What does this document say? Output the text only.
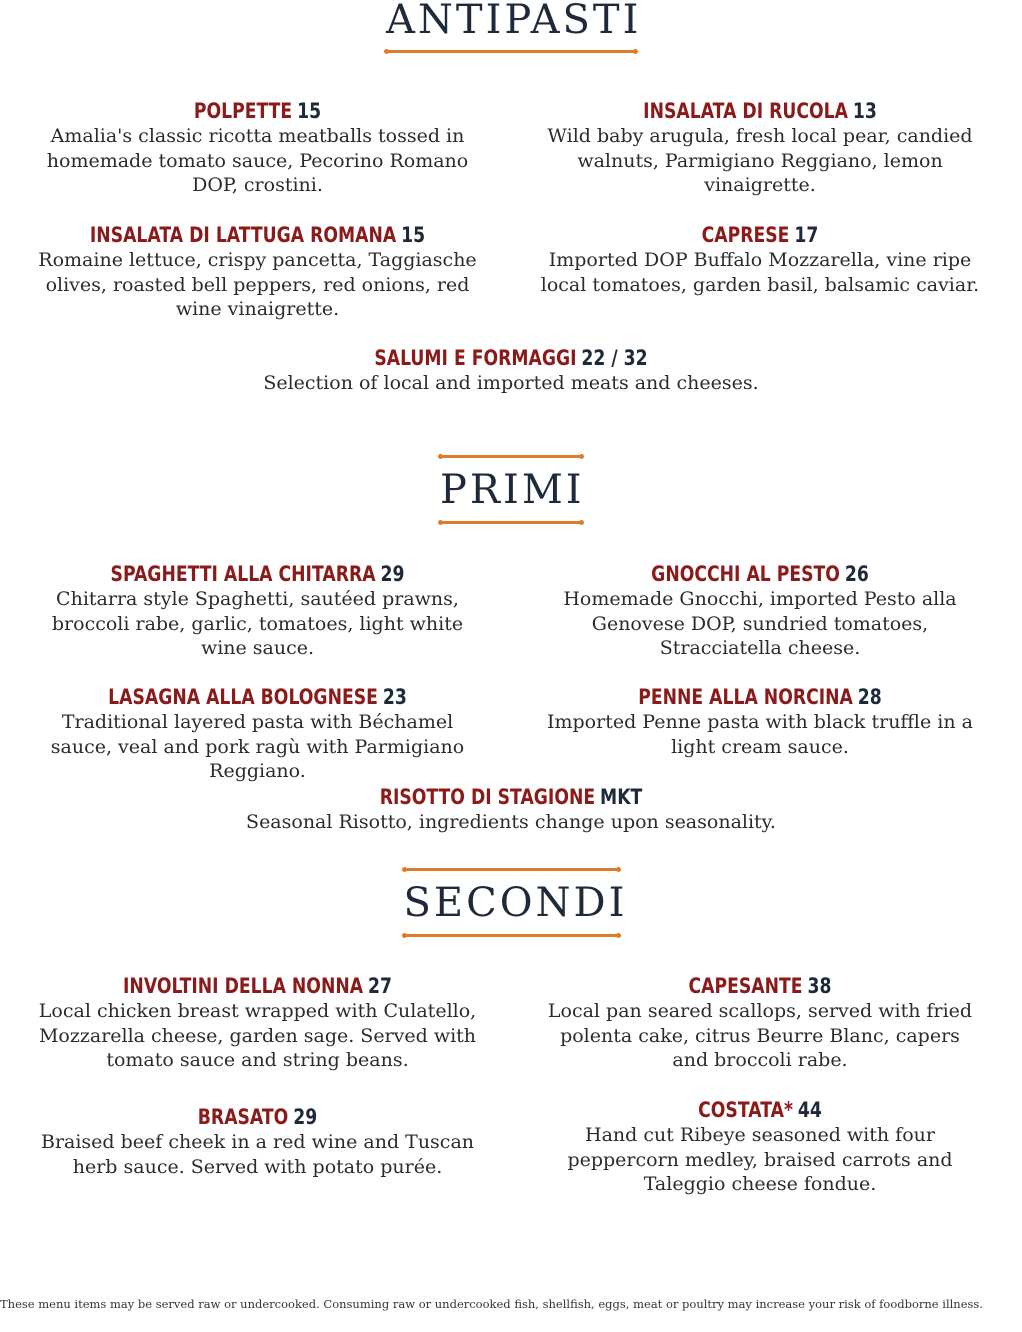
ANTIPASTI
POLPETTE 15
Amalia's classic ricotta meatballs tossed in homemade tomato sauce, Pecorino Romano DOP, crostini.
INSALATA DI RUCOLA 13
Wild baby arugula, fresh local pear, candied walnuts, Parmigiano Reggiano, lemon vinaigrette.
INSALATA DI LATTUGA ROMANA 15
Romaine lettuce, crispy pancetta, Taggiasche olives, roasted bell peppers, red onions, red wine vinaigrette.
CAPRESE 17
Imported DOP Buffalo Mozzarella, vine ripe local tomatoes, garden basil, balsamic caviar.
SALUMI E FORMAGGI 22 / 32
Selection of local and imported meats and cheeses.
PRIMI
SPAGHETTI ALLA CHITARRA 29
Chitarra style Spaghetti, sautéed prawns, broccoli rabe, garlic, tomatoes, light white wine sauce.
GNOCCHI AL PESTO 26
Homemade Gnocchi, imported Pesto alla Genovese DOP, sundried tomatoes, Stracciatella cheese.
LASAGNA ALLA BOLOGNESE 23
Traditional layered pasta with Béchamel sauce, veal and pork ragù with Parmigiano Reggiano.
PENNE ALLA NORCINA 28
Imported Penne pasta with black truffle in a light cream sauce.
RISOTTO DI STAGIONE MKT
Seasonal Risotto, ingredients change upon seasonality.
SECONDI
INVOLTINI DELLA NONNA 27
Local chicken breast wrapped with Culatello, Mozzarella cheese, garden sage. Served with tomato sauce and string beans.
CAPESANTE 38
Local pan seared scallops, served with fried polenta cake, citrus Beurre Blanc, capers and broccoli rabe.
BRASATO 29
Braised beef cheek in a red wine and Tuscan herb sauce. Served with potato purée.
COSTATA* 44
Hand cut Ribeye seasoned with four peppercorn medley, braised carrots and Taleggio cheese fondue.
These menu items may be served raw or undercooked. Consuming raw or undercooked fish, shellfish, eggs, meat or poultry may increase your risk of foodborne illness.
